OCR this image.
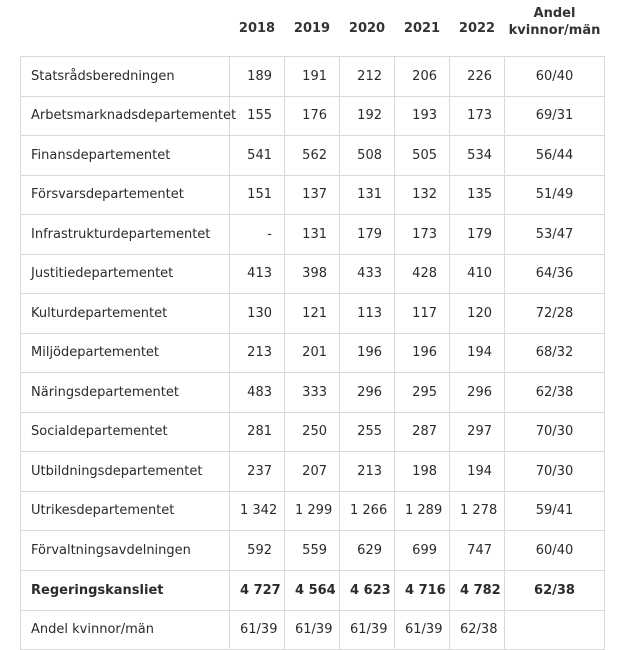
	2018	2019	2020	2021	2022	Andel
kvinnor/män
Statsrådsberedningen	189	191	212	206	226	60/40
Arbetsmarknadsdepartementet	155	176	192	193	173	69/31
Finansdepartementet	541	562	508	505	534	56/44
Försvarsdepartementet	151	137	131	132	135	51/49
Infrastrukturdepartementet	-	131	179	173	179	53/47
Justitiedepartementet	413	398	433	428	410	64/36
Kulturdepartementet	130	121	113	117	120	72/28
Miljödepartementet	213	201	196	196	194	68/32
Näringsdepartementet	483	333	296	295	296	62/38
Socialdepartementet	281	250	255	287	297	70/30
Utbildningsdepartementet	237	207	213	198	194	70/30
Utrikesdepartementet	1 342	1 299	1 266	1 289	1 278	59/41
Förvaltningsavdelningen	592	559	629	699	747	60/40
Regeringskansliet	4 727	4 564	4 623	4 716	4 782	62/38
Andel kvinnor/män	61/39	61/39	61/39	61/39	62/38	
